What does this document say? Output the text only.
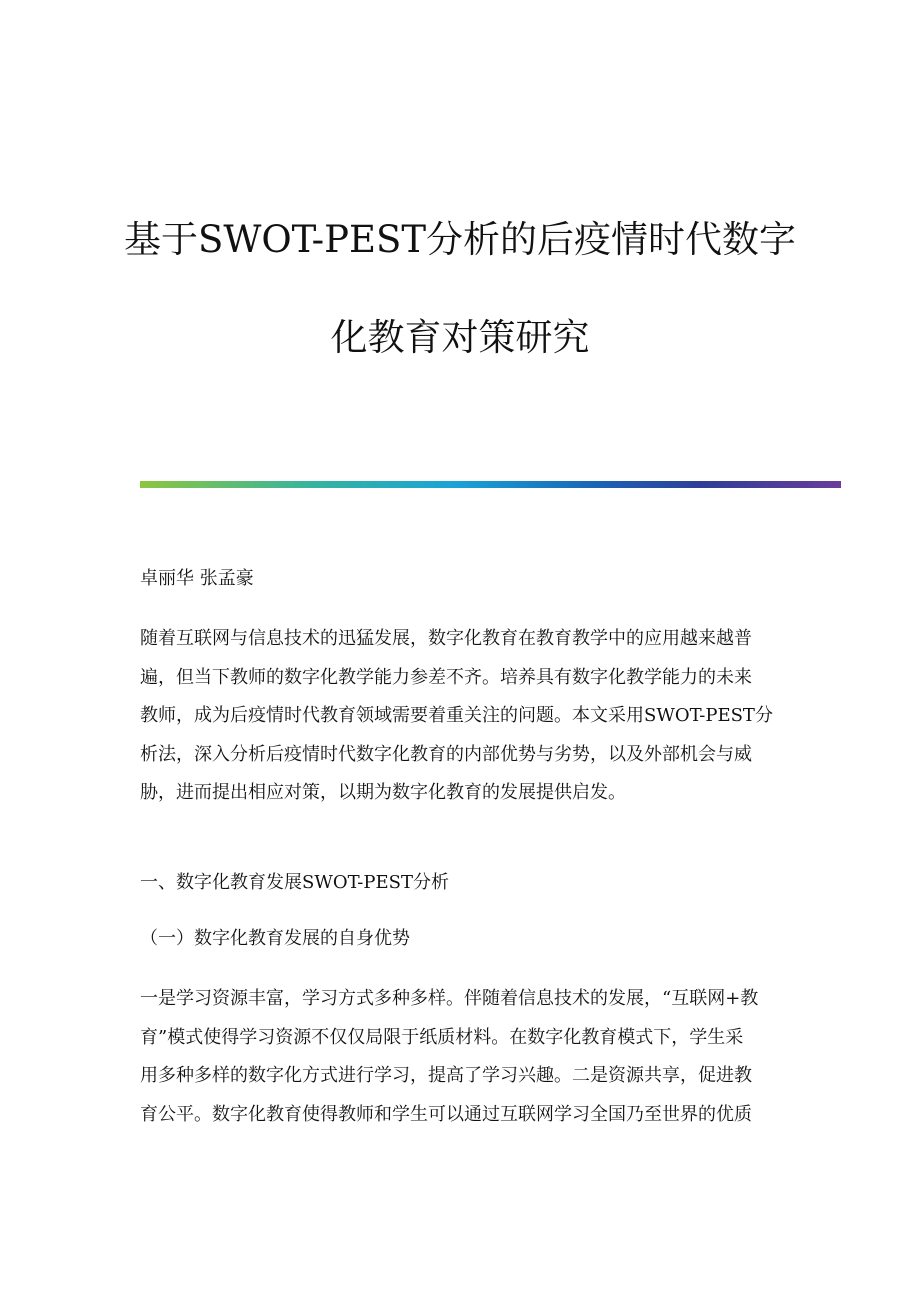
基于SWOT-PEST分析的后疫情时代数字
化教育对策研究

卓丽华 张孟豪

随着互联网与信息技术的迅猛发展，数字化教育在教育教学中的应用越来越普
遍，但当下教师的数字化教学能力参差不齐。培养具有数字化教学能力的未来
教师，成为后疫情时代教育领域需要着重关注的问题。本文采用SWOT-PEST分
析法，深入分析后疫情时代数字化教育的内部优势与劣势，以及外部机会与威
胁，进而提出相应对策，以期为数字化教育的发展提供启发。

一、数字化教育发展SWOT-PEST分析

（一）数字化教育发展的自身优势

一是学习资源丰富，学习方式多种多样。伴随着信息技术的发展，“互联网+教
育”模式使得学习资源不仅仅局限于纸质材料。在数字化教育模式下，学生采
用多种多样的数字化方式进行学习，提高了学习兴趣。二是资源共享，促进教
育公平。数字化教育使得教师和学生可以通过互联网学习全国乃至世界的优质
